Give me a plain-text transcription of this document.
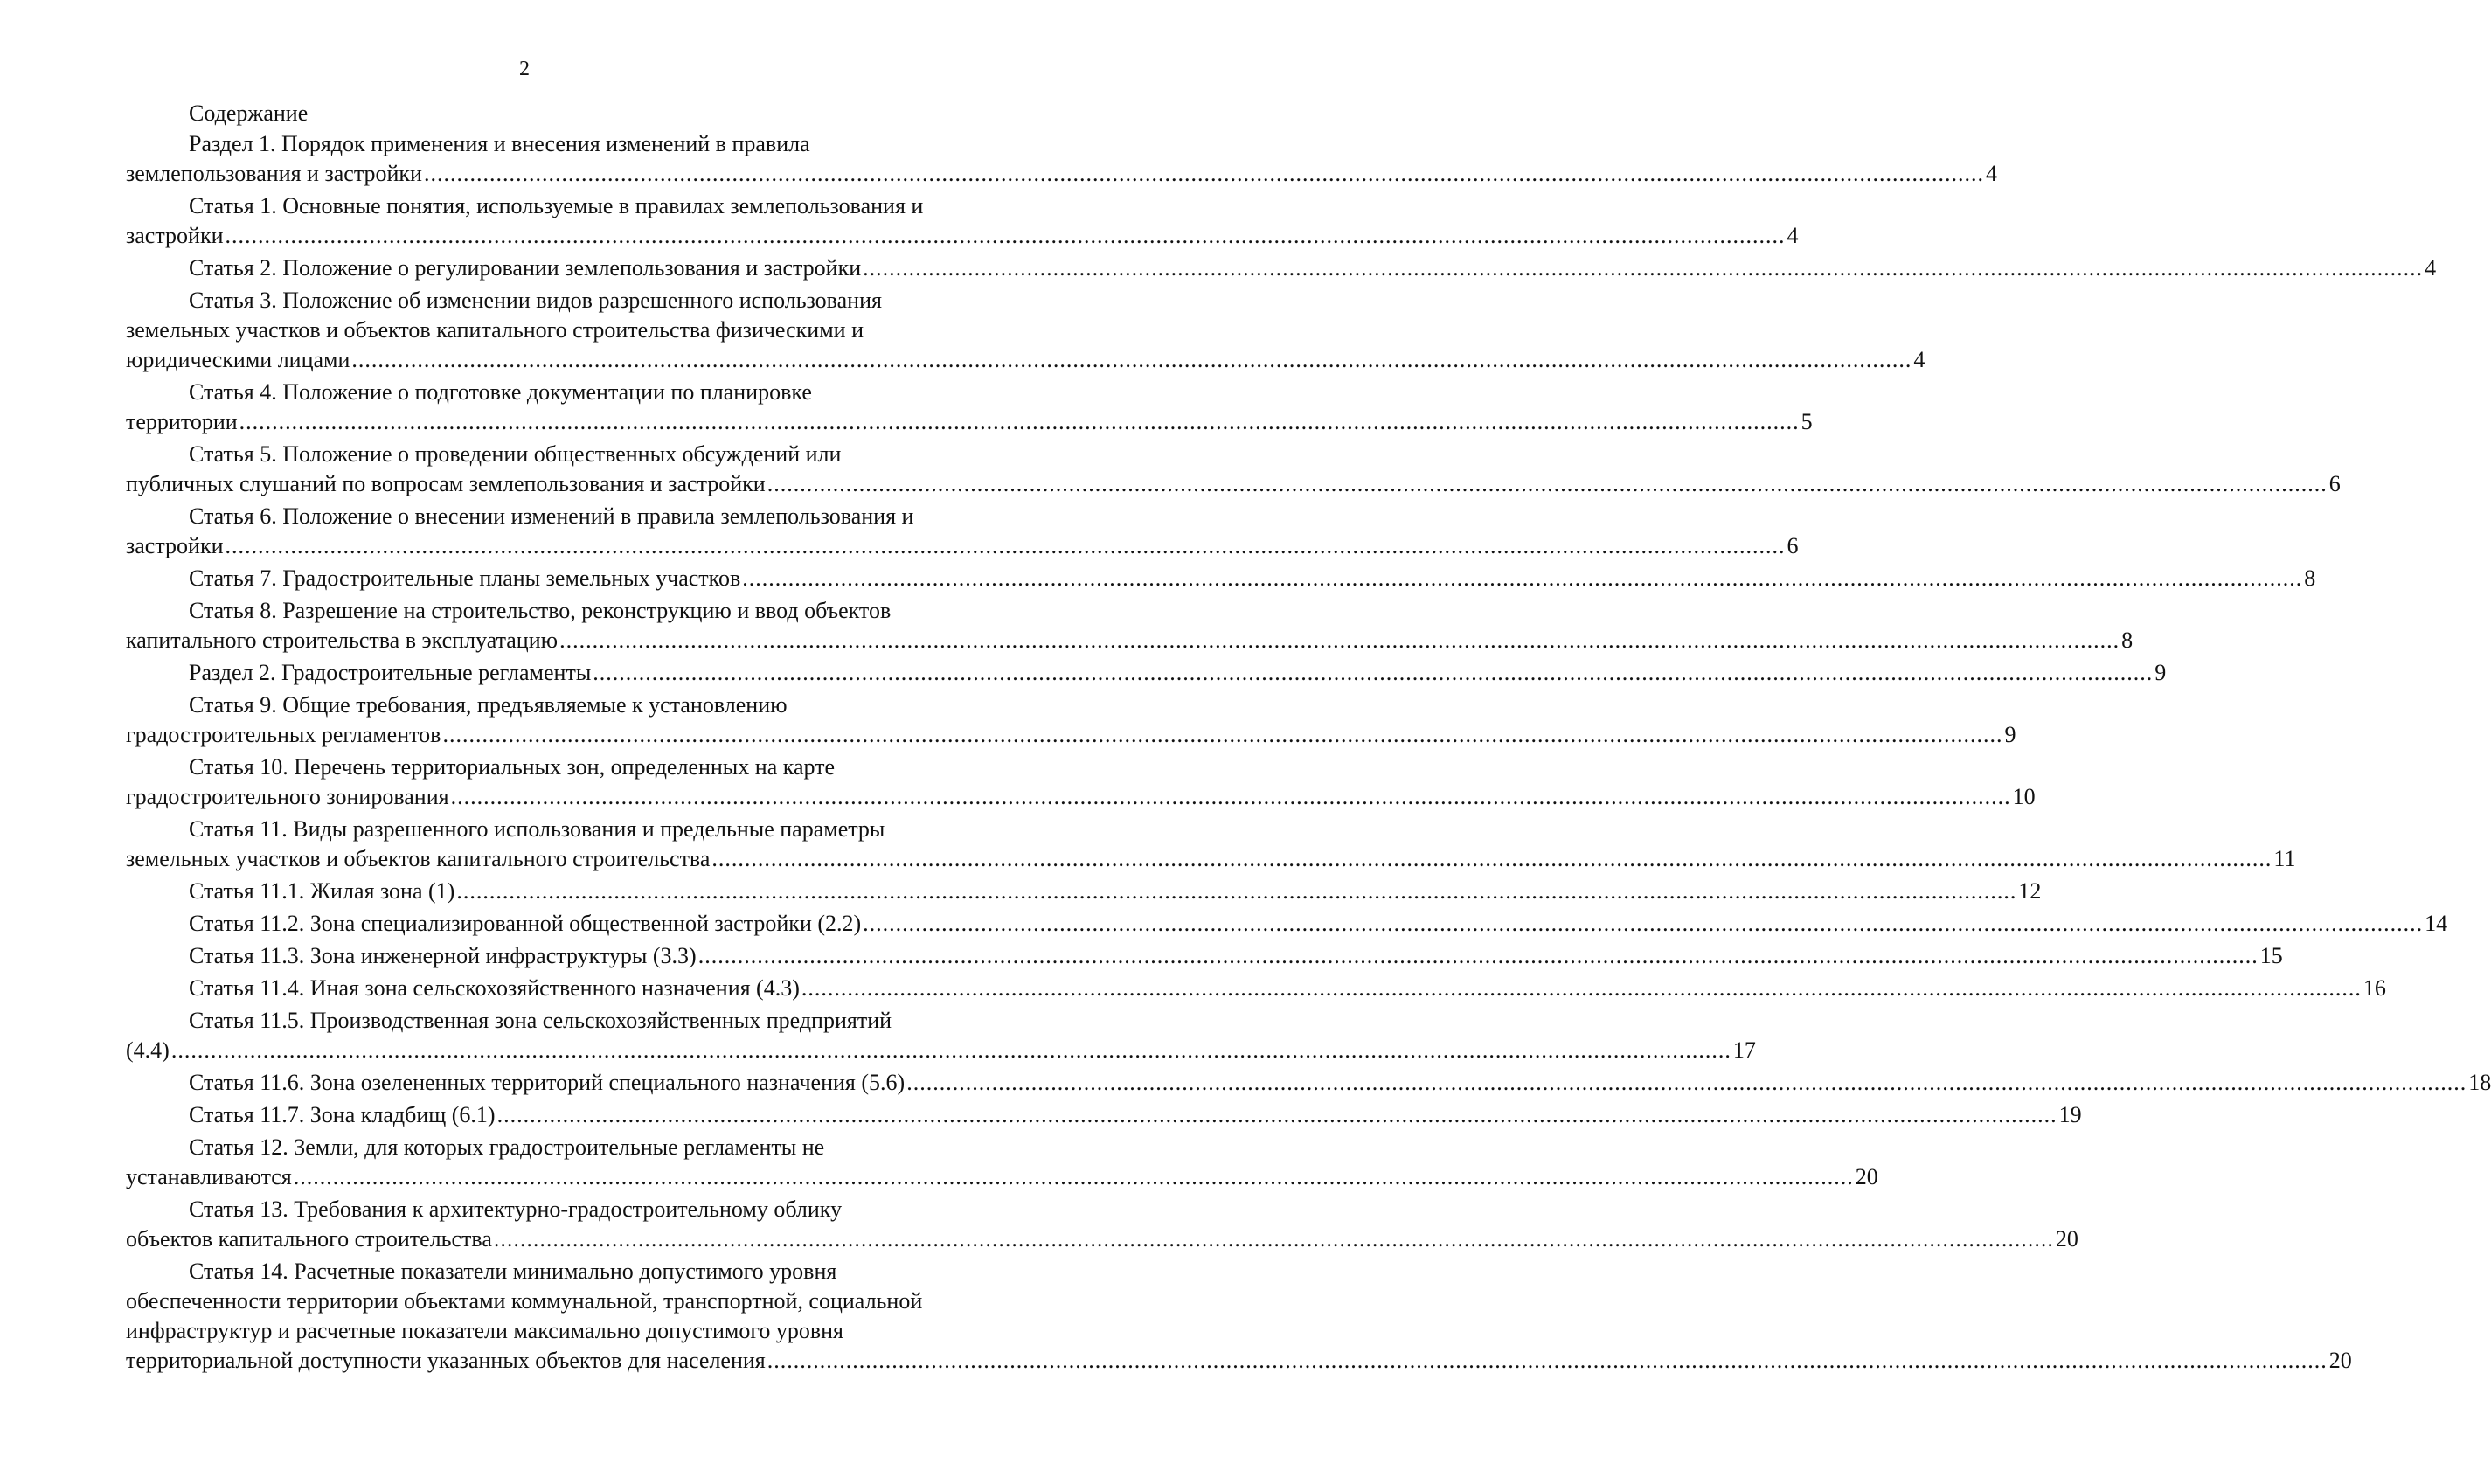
2
Содержание
Раздел 1. Порядок применения и внесения изменений в правила
землепользования и застройки .....	4
Статья 1. Основные понятия, используемые в правилах землепользования и
застройки .....	4
Статья 2. Положение о регулировании землепользования и застройки .....	4
Статья 3. Положение об изменении видов разрешенного использования
земельных участков и объектов капитального строительства физическими и
юридическими лицами .....	4
Статья 4. Положение о подготовке документации по планировке
территории .....	5
Статья 5. Положение о проведении общественных обсуждений или
публичных слушаний по вопросам землепользования и застройки .....	6
Статья 6. Положение о внесении изменений в правила землепользования и
застройки .....	6
Статья 7. Градостроительные планы земельных участков .....	8
Статья 8. Разрешение на строительство, реконструкцию и ввод объектов
капитального строительства в эксплуатацию .....	8
Раздел 2. Градостроительные регламенты .....	9
Статья 9. Общие требования, предъявляемые к установлению
градостроительных регламентов .....	9
Статья 10. Перечень территориальных зон, определенных на карте
градостроительного зонирования .....	10
Статья 11. Виды разрешенного использования и предельные параметры
земельных участков и объектов капитального строительства .....	11
Статья 11.1. Жилая зона (1) .....	12
Статья 11.2. Зона специализированной общественной застройки (2.2) .....	14
Статья 11.3. Зона инженерной инфраструктуры (3.3) .....	15
Статья 11.4. Иная зона сельскохозяйственного назначения (4.3) .....	16
Статья 11.5. Производственная зона сельскохозяйственных предприятий
(4.4) .....	17
Статья 11.6. Зона озелененных территорий специального назначения (5.6) .....	18
Статья 11.7. Зона кладбищ (6.1) .....	19
Статья 12. Земли, для которых градостроительные регламенты не
устанавливаются .....	20
Статья 13. Требования к архитектурно-градостроительному облику
объектов капитального строительства .....	20
Статья 14. Расчетные показатели минимально допустимого уровня
обеспеченности территории объектами коммунальной, транспортной, социальной
инфраструктур и расчетные показатели максимально допустимого уровня
территориальной доступности указанных объектов для населения .....	20
